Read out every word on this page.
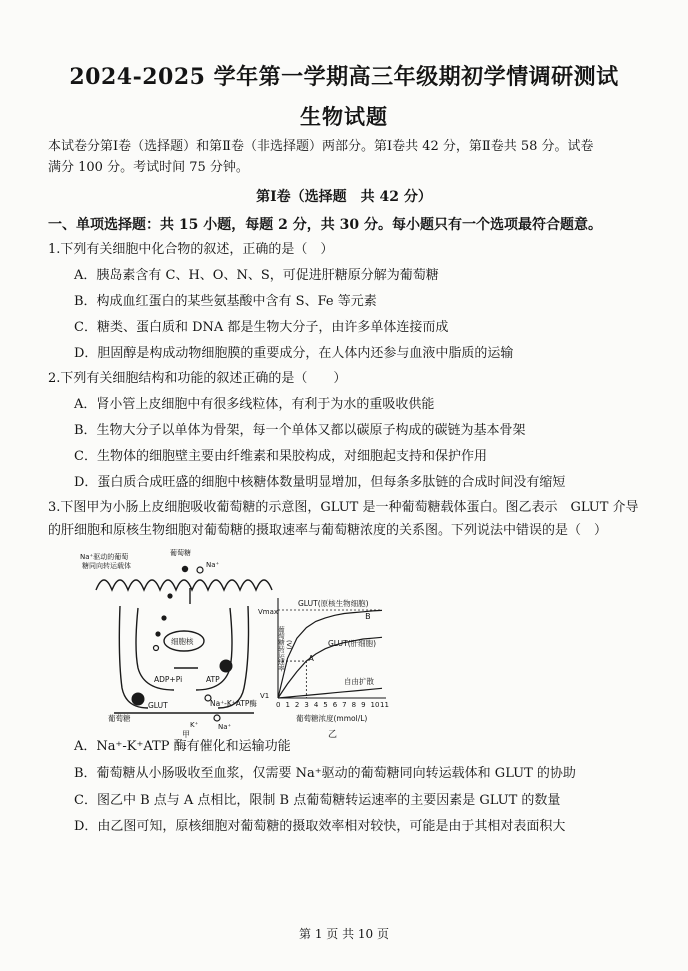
2024-2025 学年第一学期高三年级期初学情调研测试
生物试题
本试卷分第Ⅰ卷（选择题）和第Ⅱ卷（非选择题）两部分。第Ⅰ卷共 42 分，第Ⅱ卷共 58 分。试卷
满分 100 分。考试时间 75 分钟。
第Ⅰ卷（选择题　共 42 分）
一、单项选择题：共 15 小题，每题 2 分，共 30 分。每小题只有一个选项最符合题意。
1.下列有关细胞中化合物的叙述，正确的是（　）
A．胰岛素含有 C、H、O、N、S，可促进肝糖原分解为葡萄糖
B．构成血红蛋白的某些氨基酸中含有 S、Fe 等元素
C．糖类、蛋白质和 DNA 都是生物大分子，由许多单体连接而成
D．胆固醇是构成动物细胞膜的重要成分，在人体内还参与血液中脂质的运输
2.下列有关细胞结构和功能的叙述正确的是（　　）
A．肾小管上皮细胞中有很多线粒体，有利于为水的重吸收供能
B．生物大分子以单体为骨架，每一个单体又都以碳原子构成的碳链为基本骨架
C．生物体的细胞壁主要由纤维素和果胶构成，对细胞起支持和保护作用
D．蛋白质合成旺盛的细胞中核糖体数量明显增加，但每条多肽链的合成时间没有缩短
3.下图甲为小肠上皮细胞吸收葡萄糖的示意图，GLUT 是一种葡萄糖载体蛋白。图乙表示　GLUT 介导
的肝细胞和原核生物细胞对葡萄糖的摄取速率与葡萄糖浓度的关系图。下列说法中错误的是（　）
Na⁺驱动的葡萄
糖同向转运载体
葡萄糖
Na⁺
细胞核
ADP+Pi	ATP
Na⁺-K⁺ATP酶
GLUT
葡萄糖
K⁺	Na⁺
甲
0 1 2 3 4 5 6 7 8 9 10 11
A
B
Vmax
V1
葡萄糖转运速率 (V)
GLUT(原核生物细胞)
GLUT(肝细胞)
自由扩散
葡萄糖浓度(mmol/L)
乙
A．Na⁺-K⁺ATP 酶有催化和运输功能
B．葡萄糖从小肠吸收至血浆，仅需要 Na⁺驱动的葡萄糖同向转运载体和 GLUT 的协助
C．图乙中 B 点与 A 点相比，限制 B 点葡萄糖转运速率的主要因素是 GLUT 的数量
D．由乙图可知，原核细胞对葡萄糖的摄取效率相对较快，可能是由于其相对表面积大
第 1 页 共 10 页
